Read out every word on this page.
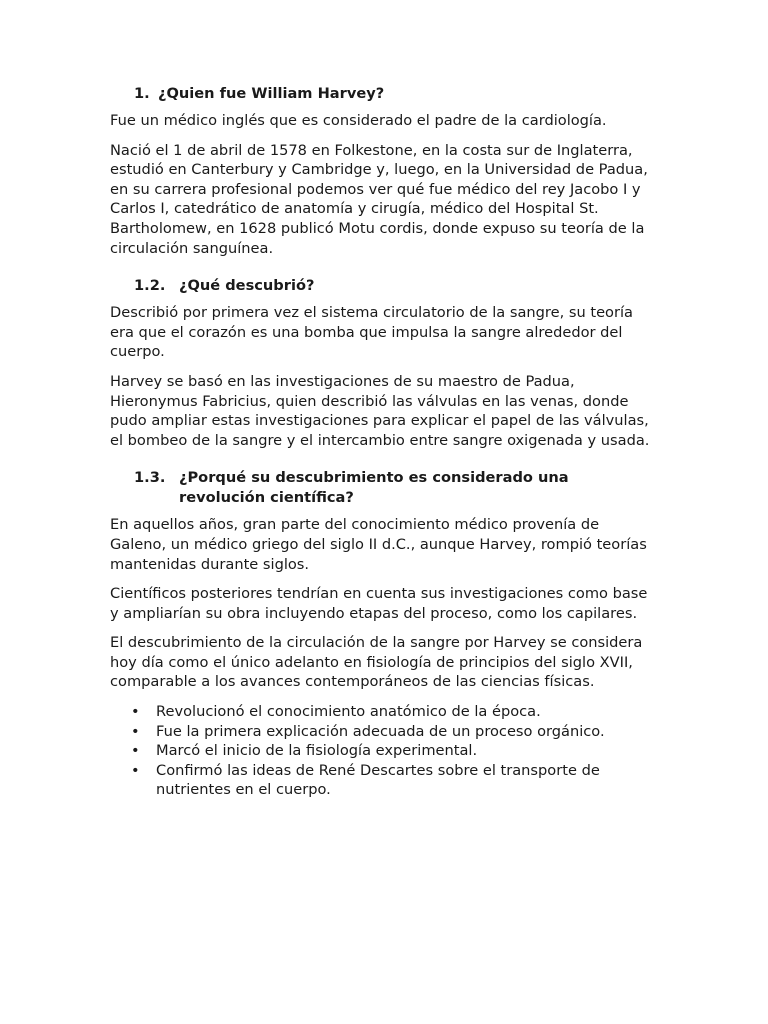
1. ¿Quien fue William Harvey?

Fue un médico inglés que es considerado el padre de la cardiología.

Nació el 1 de abril de 1578 en Folkestone, en la costa sur de Inglaterra, estudió en Canterbury y Cambridge y, luego, en la Universidad de Padua, en su carrera profesional podemos ver qué fue médico del rey Jacobo I y Carlos I, catedrático de anatomía y cirugía, médico del Hospital St. Bartholomew, en 1628 publicó Motu cordis, donde expuso su teoría de la circulación sanguínea.

1.2. ¿Qué descubrió?

Describió por primera vez el sistema circulatorio de la sangre, su teoría era que el corazón es una bomba que impulsa la sangre alrededor del cuerpo.

Harvey se basó en las investigaciones de su maestro de Padua, Hieronymus Fabricius, quien describió las válvulas en las venas, donde pudo ampliar estas investigaciones para explicar el papel de las válvulas, el bombeo de la sangre y el intercambio entre sangre oxigenada y usada.

1.3. ¿Porqué su descubrimiento es considerado una revolución científica?

En aquellos años, gran parte del conocimiento médico provenía de Galeno, un médico griego del siglo II d.C., aunque Harvey, rompió teorías mantenidas durante siglos.

Científicos posteriores tendrían en cuenta sus investigaciones como base y ampliarían su obra incluyendo etapas del proceso, como los capilares.

El descubrimiento de la circulación de la sangre por Harvey se considera hoy día como el único adelanto en fisiología de principios del siglo XVII, comparable a los avances contemporáneos de las ciencias físicas.

• Revolucionó el conocimiento anatómico de la época.
• Fue la primera explicación adecuada de un proceso orgánico.
• Marcó el inicio de la fisiología experimental.
• Confirmó las ideas de René Descartes sobre el transporte de nutrientes en el cuerpo.
